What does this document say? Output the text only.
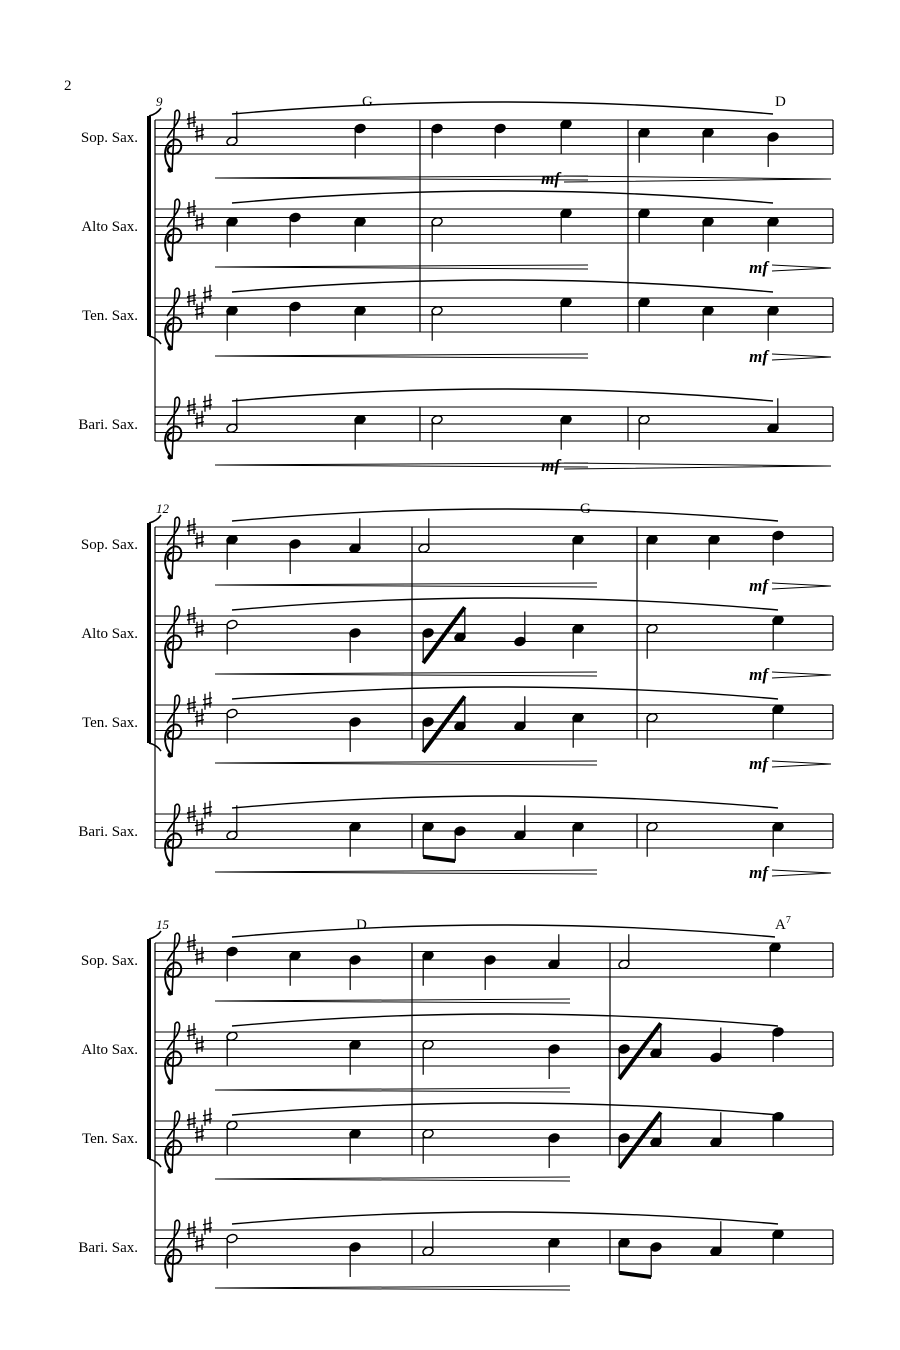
2
9	G	D
Sop. Sax.
mf
Alto Sax.
mf
Ten. Sax.
mf
Bari. Sax.
mf
12	G
Sop. Sax.
mf
Alto Sax.
mf
Ten. Sax.
mf
Bari. Sax.
mf
15	D	$A^7$
Sop. Sax.
Alto Sax.
Ten. Sax.
Bari. Sax.
